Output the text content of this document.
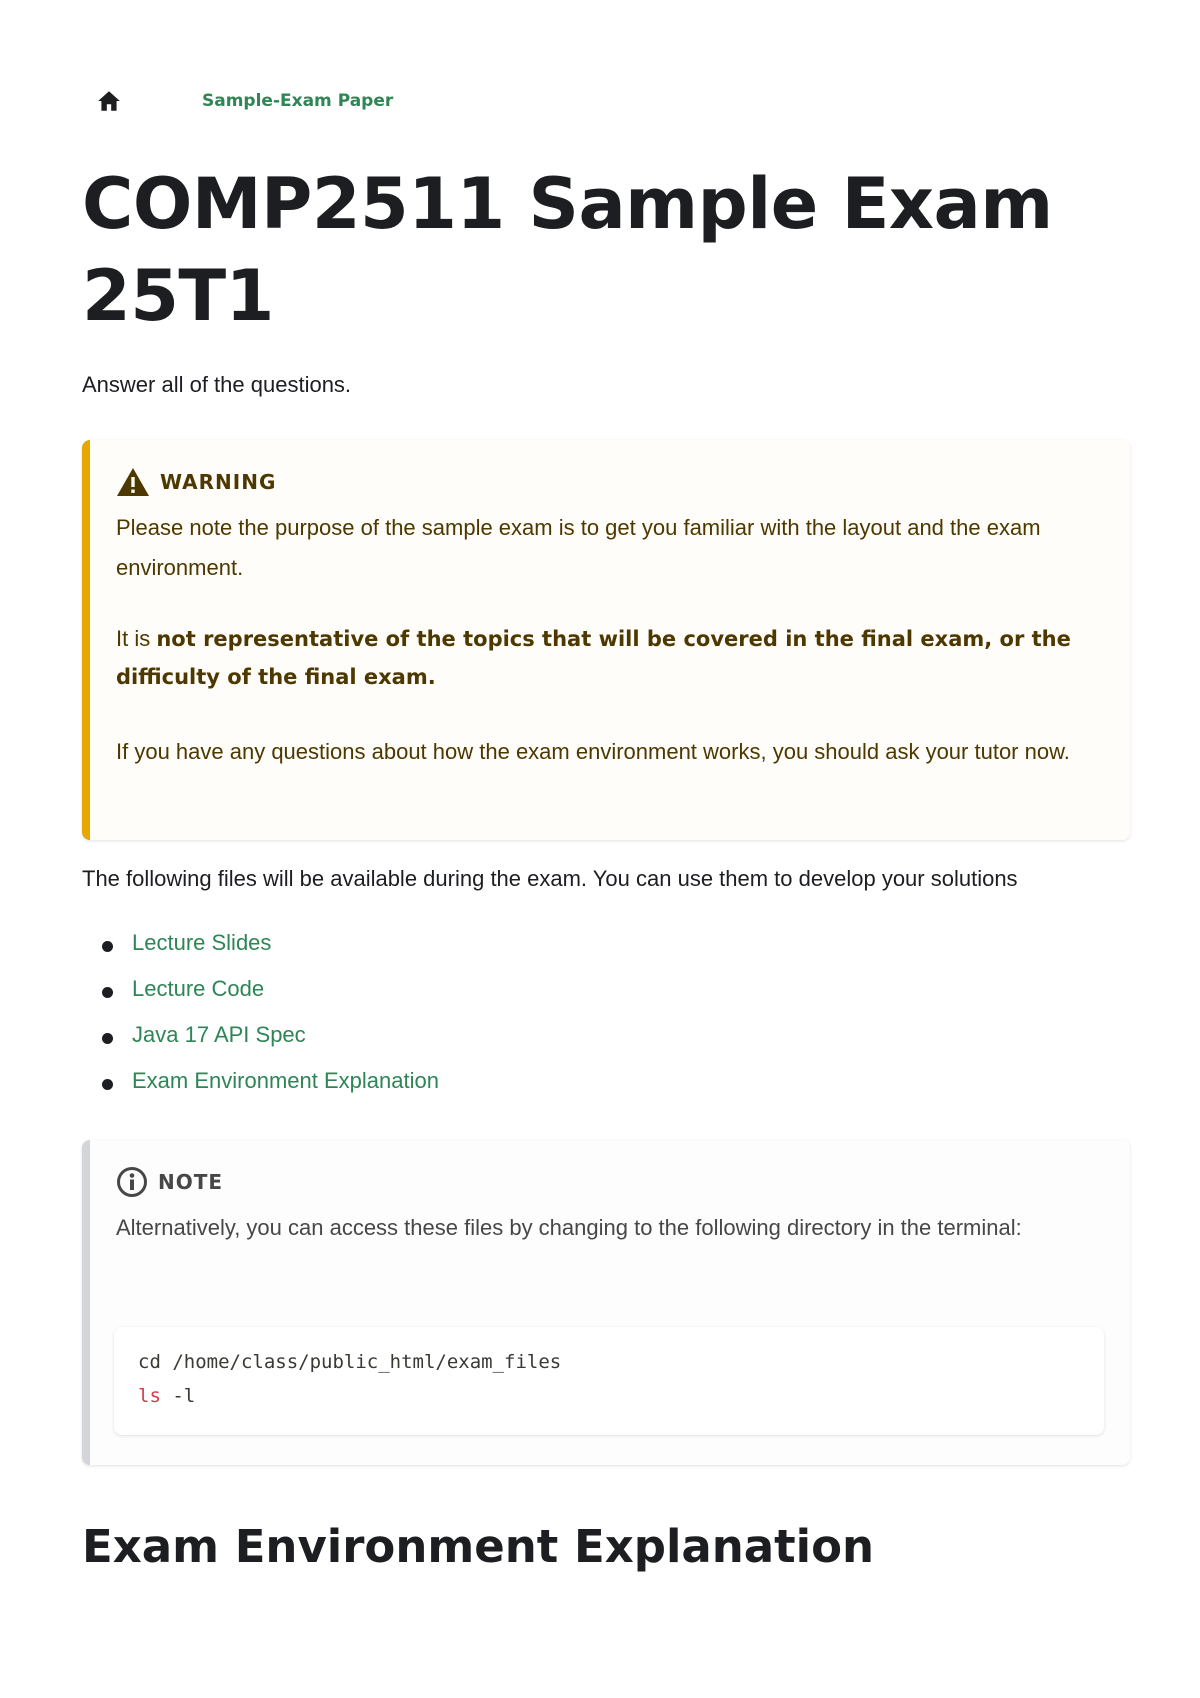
Sample-Exam Paper
COMP2511 Sample Exam 25T1

Answer all of the questions.

WARNING

Please note the purpose of the sample exam is to get you familiar with the layout and the exam environment.

It is not representative of the topics that will be covered in the final exam, or the difficulty of the final exam.

If you have any questions about how the exam environment works, you should ask your tutor now.

The following files will be available during the exam. You can use them to develop your solutions

Lecture Slides
Lecture Code
Java 17 API Spec
Exam Environment Explanation
NOTE

Alternatively, you can access these files by changing to the following directory in the terminal:

cd /home/class/public_html/exam_files
ls -l
Exam Environment Explanation
